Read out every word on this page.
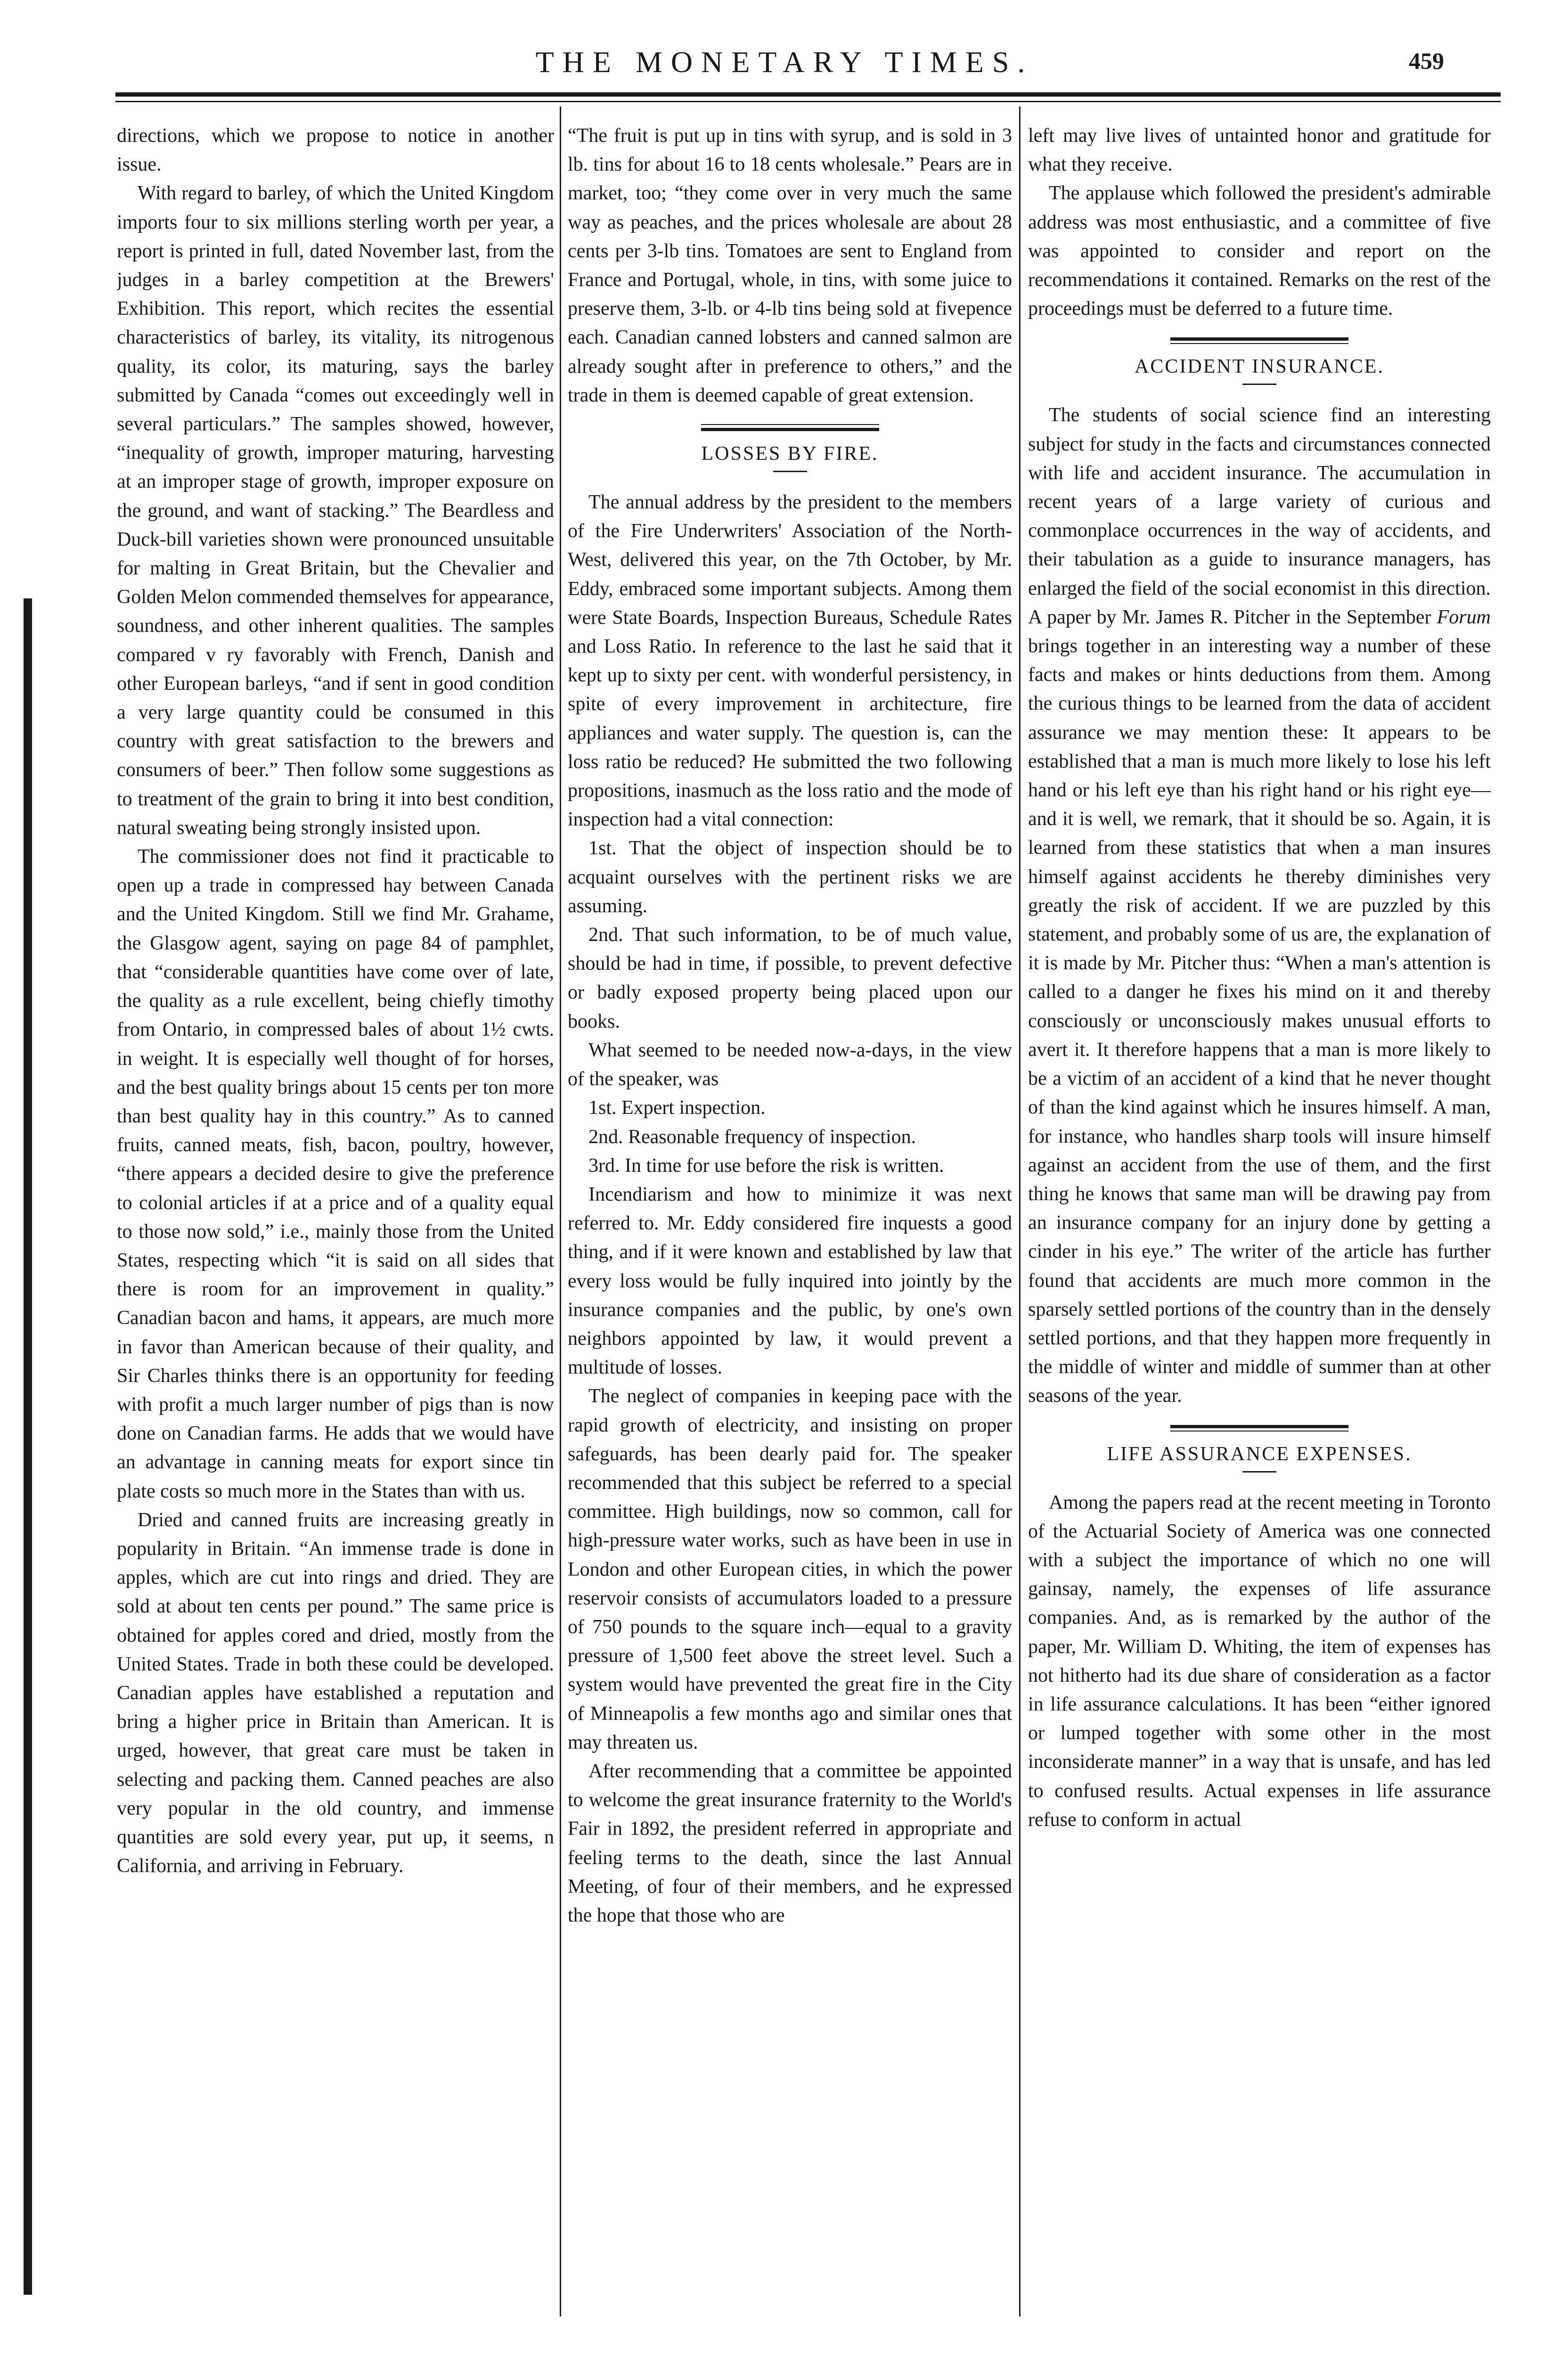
THE MONETARY TIMES.	459

directions, which we propose to notice in another issue.

With regard to barley, of which the United Kingdom imports four to six millions sterling worth per year, a report is printed in full, dated November last, from the judges in a barley competition at the Brewers' Exhibition. This report, which recites the essential characteristics of barley, its vitality, its nitrogenous quality, its color, its maturing, says the barley submitted by Canada “comes out exceedingly well in several particulars.” The samples showed, however, “inequality of growth, improper maturing, harvesting at an improper stage of growth, improper exposure on the ground, and want of stacking.” The Beardless and Duck-bill varieties shown were pronounced unsuitable for malting in Great Britain, but the Chevalier and Golden Melon commended themselves for appearance, soundness, and other inherent qualities. The samples compared v ry favorably with French, Danish and other European barleys, “and if sent in good condition a very large quantity could be consumed in this country with great satisfaction to the brewers and consumers of beer.” Then follow some suggestions as to treatment of the grain to bring it into best condition, natural sweating being strongly insisted upon.

The commissioner does not find it practicable to open up a trade in compressed hay between Canada and the United Kingdom. Still we find Mr. Grahame, the Glasgow agent, saying on page 84 of pamphlet, that “considerable quantities have come over of late, the quality as a rule excellent, being chiefly timothy from Ontario, in compressed bales of about 1½ cwts. in weight. It is especially well thought of for horses, and the best quality brings about 15 cents per ton more than best quality hay in this country.” As to canned fruits, canned meats, fish, bacon, poultry, however, “there appears a decided desire to give the preference to colonial articles if at a price and of a quality equal to those now sold,” i.e., mainly those from the United States, respecting which “it is said on all sides that there is room for an improvement in quality.” Canadian bacon and hams, it appears, are much more in favor than American because of their quality, and Sir Charles thinks there is an opportunity for feeding with profit a much larger number of pigs than is now done on Canadian farms. He adds that we would have an advantage in canning meats for export since tin plate costs so much more in the States than with us.

Dried and canned fruits are increasing greatly in popularity in Britain. “An immense trade is done in apples, which are cut into rings and dried. They are sold at about ten cents per pound.” The same price is obtained for apples cored and dried, mostly from the United States. Trade in both these could be developed. Canadian apples have established a reputation and bring a higher price in Britain than American. It is urged, however, that great care must be taken in selecting and packing them. Canned peaches are also very popular in the old country, and immense quantities are sold every year, put up, it seems, n California, and arriving in February.

“The fruit is put up in tins with syrup, and is sold in 3 lb. tins for about 16 to 18 cents wholesale.” Pears are in market, too; “they come over in very much the same way as peaches, and the prices wholesale are about 28 cents per 3-lb tins. Tomatoes are sent to England from France and Portugal, whole, in tins, with some juice to preserve them, 3-lb. or 4-lb tins being sold at fivepence each. Canadian canned lobsters and canned salmon are already sought after in preference to others,” and the trade in them is deemed capable of great extension.

LOSSES BY FIRE.

The annual address by the president to the members of the Fire Underwriters' Association of the North-West, delivered this year, on the 7th October, by Mr. Eddy, embraced some important subjects. Among them were State Boards, Inspection Bureaus, Schedule Rates and Loss Ratio. In reference to the last he said that it kept up to sixty per cent. with wonderful persistency, in spite of every improvement in architecture, fire appliances and water supply. The question is, can the loss ratio be reduced? He submitted the two following propositions, inasmuch as the loss ratio and the mode of inspection had a vital connection:

1st. That the object of inspection should be to acquaint ourselves with the pertinent risks we are assuming.

2nd. That such information, to be of much value, should be had in time, if possible, to prevent defective or badly exposed property being placed upon our books.

What seemed to be needed now-a-days, in the view of the speaker, was

1st. Expert inspection.

2nd. Reasonable frequency of inspection.

3rd. In time for use before the risk is written.

Incendiarism and how to minimize it was next referred to. Mr. Eddy considered fire inquests a good thing, and if it were known and established by law that every loss would be fully inquired into jointly by the insurance companies and the public, by one's own neighbors appointed by law, it would prevent a multitude of losses.

The neglect of companies in keeping pace with the rapid growth of electricity, and insisting on proper safeguards, has been dearly paid for. The speaker recommended that this subject be referred to a special committee. High buildings, now so common, call for high-pressure water works, such as have been in use in London and other European cities, in which the power reservoir consists of accumulators loaded to a pressure of 750 pounds to the square inch—equal to a gravity pressure of 1,500 feet above the street level. Such a system would have prevented the great fire in the City of Minneapolis a few months ago and similar ones that may threaten us.

After recommending that a committee be appointed to welcome the great insurance fraternity to the World's Fair in 1892, the president referred in appropriate and feeling terms to the death, since the last Annual Meeting, of four of their members, and he expressed the hope that those who are

left may live lives of untainted honor and gratitude for what they receive.

The applause which followed the president's admirable address was most enthusiastic, and a committee of five was appointed to consider and report on the recommendations it contained. Remarks on the rest of the proceedings must be deferred to a future time.

ACCIDENT INSURANCE.

The students of social science find an interesting subject for study in the facts and circumstances connected with life and accident insurance. The accumulation in recent years of a large variety of curious and commonplace occurrences in the way of accidents, and their tabulation as a guide to insurance managers, has enlarged the field of the social economist in this direction. A paper by Mr. James R. Pitcher in the September Forum brings together in an interesting way a number of these facts and makes or hints deductions from them. Among the curious things to be learned from the data of accident assurance we may mention these: It appears to be established that a man is much more likely to lose his left hand or his left eye than his right hand or his right eye—and it is well, we remark, that it should be so. Again, it is learned from these statistics that when a man insures himself against accidents he thereby diminishes very greatly the risk of accident. If we are puzzled by this statement, and probably some of us are, the explanation of it is made by Mr. Pitcher thus: “When a man's attention is called to a danger he fixes his mind on it and thereby consciously or unconsciously makes unusual efforts to avert it. It therefore happens that a man is more likely to be a victim of an accident of a kind that he never thought of than the kind against which he insures himself. A man, for instance, who handles sharp tools will insure himself against an accident from the use of them, and the first thing he knows that same man will be drawing pay from an insurance company for an injury done by getting a cinder in his eye.” The writer of the article has further found that accidents are much more common in the sparsely settled portions of the country than in the densely settled portions, and that they happen more frequently in the middle of winter and middle of summer than at other seasons of the year.

LIFE ASSURANCE EXPENSES.

Among the papers read at the recent meeting in Toronto of the Actuarial Society of America was one connected with a subject the importance of which no one will gainsay, namely, the expenses of life assurance companies. And, as is remarked by the author of the paper, Mr. William D. Whiting, the item of expenses has not hitherto had its due share of consideration as a factor in life assurance calculations. It has been “either ignored or lumped together with some other in the most inconsiderate manner” in a way that is unsafe, and has led to confused results. Actual expenses in life assurance refuse to conform in actual
